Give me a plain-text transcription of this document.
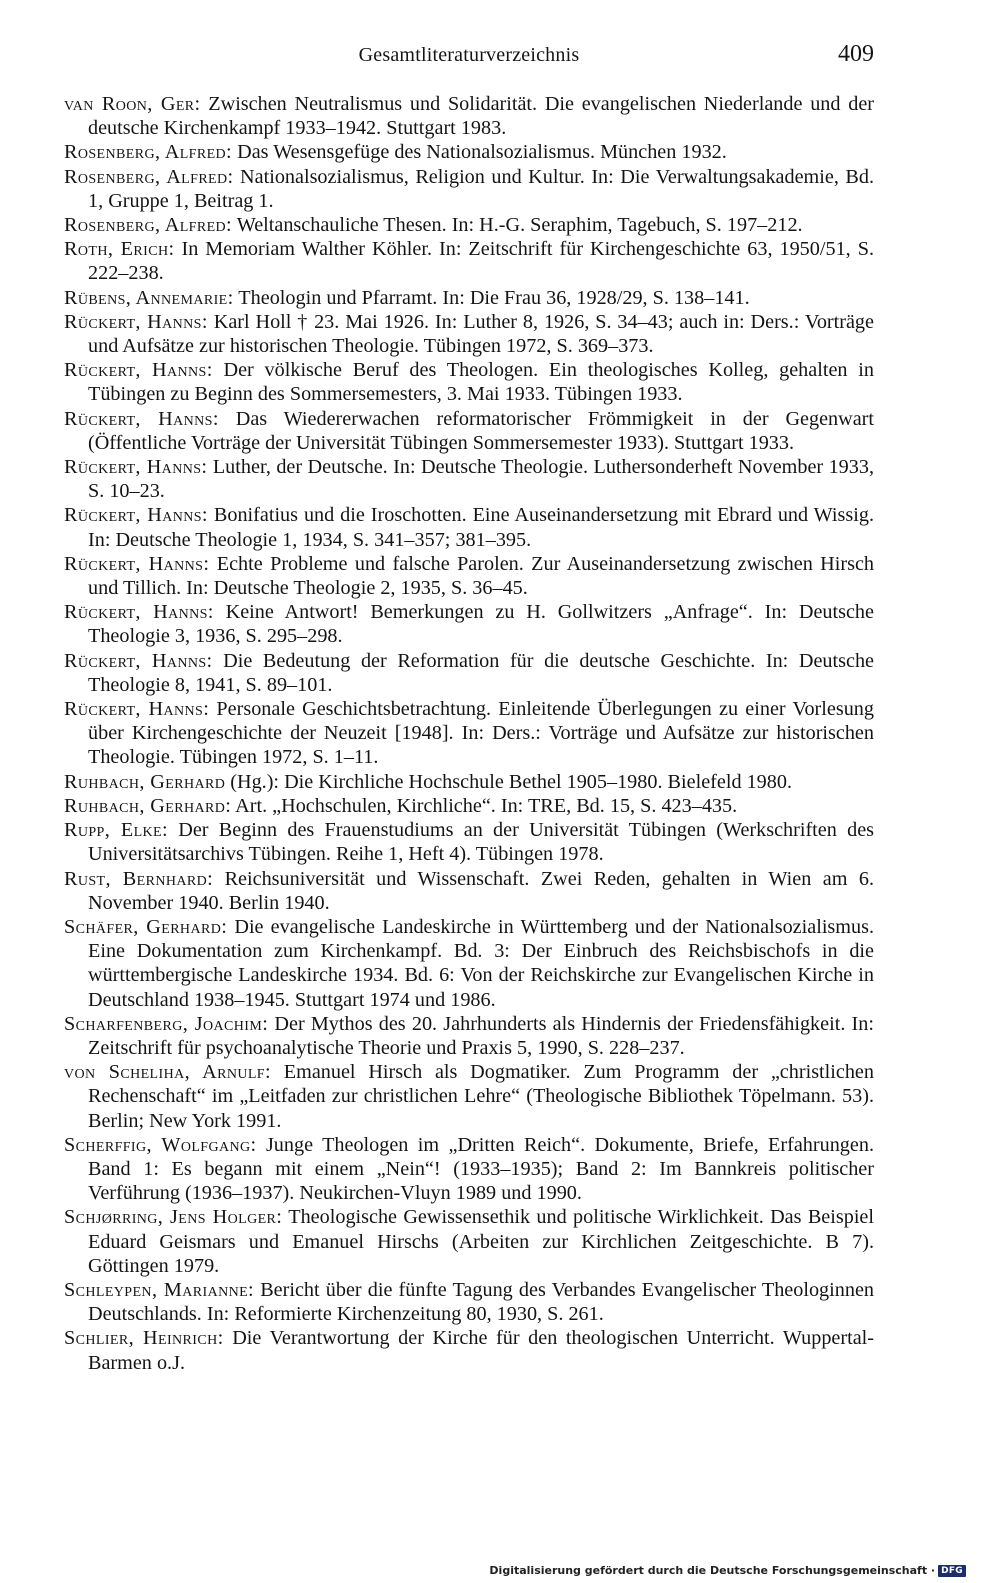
Gesamtliteraturverzeichnis	409
van Roon, Ger: Zwischen Neutralismus und Solidarität. Die evangelischen Niederlande und der deutsche Kirchenkampf 1933–1942. Stuttgart 1983.
Rosenberg, Alfred: Das Wesensgefüge des Nationalsozialismus. München 1932.
Rosenberg, Alfred: Nationalsozialismus, Religion und Kultur. In: Die Verwaltungsakademie, Bd. 1, Gruppe 1, Beitrag 1.
Rosenberg, Alfred: Weltanschauliche Thesen. In: H.-G. Seraphim, Tagebuch, S. 197–212.
Roth, Erich: In Memoriam Walther Köhler. In: Zeitschrift für Kirchengeschichte 63, 1950/51, S. 222–238.
Rübens, Annemarie: Theologin und Pfarramt. In: Die Frau 36, 1928/29, S. 138–141.
Rückert, Hanns: Karl Holl † 23. Mai 1926. In: Luther 8, 1926, S. 34–43; auch in: Ders.: Vorträge und Aufsätze zur historischen Theologie. Tübingen 1972, S. 369–373.
Rückert, Hanns: Der völkische Beruf des Theologen. Ein theologisches Kolleg, gehalten in Tübingen zu Beginn des Sommersemesters, 3. Mai 1933. Tübingen 1933.
Rückert, Hanns: Das Wiedererwachen reformatorischer Frömmigkeit in der Gegenwart (Öffentliche Vorträge der Universität Tübingen Sommersemester 1933). Stuttgart 1933.
Rückert, Hanns: Luther, der Deutsche. In: Deutsche Theologie. Luthersonderheft November 1933, S. 10–23.
Rückert, Hanns: Bonifatius und die Iroschotten. Eine Auseinandersetzung mit Ebrard und Wissig. In: Deutsche Theologie 1, 1934, S. 341–357; 381–395.
Rückert, Hanns: Echte Probleme und falsche Parolen. Zur Auseinandersetzung zwischen Hirsch und Tillich. In: Deutsche Theologie 2, 1935, S. 36–45.
Rückert, Hanns: Keine Antwort! Bemerkungen zu H. Gollwitzers „Anfrage“. In: Deutsche Theologie 3, 1936, S. 295–298.
Rückert, Hanns: Die Bedeutung der Reformation für die deutsche Geschichte. In: Deutsche Theologie 8, 1941, S. 89–101.
Rückert, Hanns: Personale Geschichtsbetrachtung. Einleitende Überlegungen zu einer Vorlesung über Kirchengeschichte der Neuzeit [1948]. In: Ders.: Vorträge und Aufsätze zur historischen Theologie. Tübingen 1972, S. 1–11.
Ruhbach, Gerhard (Hg.): Die Kirchliche Hochschule Bethel 1905–1980. Bielefeld 1980.
Ruhbach, Gerhard: Art. „Hochschulen, Kirchliche“. In: TRE, Bd. 15, S. 423–435.
Rupp, Elke: Der Beginn des Frauenstudiums an der Universität Tübingen (Werkschriften des Universitätsarchivs Tübingen. Reihe 1, Heft 4). Tübingen 1978.
Rust, Bernhard: Reichsuniversität und Wissenschaft. Zwei Reden, gehalten in Wien am 6. November 1940. Berlin 1940.
Schäfer, Gerhard: Die evangelische Landeskirche in Württemberg und der Nationalsozialismus. Eine Dokumentation zum Kirchenkampf. Bd. 3: Der Einbruch des Reichsbischofs in die württembergische Landeskirche 1934. Bd. 6: Von der Reichskirche zur Evangelischen Kirche in Deutschland 1938–1945. Stuttgart 1974 und 1986.
Scharfenberg, Joachim: Der Mythos des 20. Jahrhunderts als Hindernis der Friedensfähigkeit. In: Zeitschrift für psychoanalytische Theorie und Praxis 5, 1990, S. 228–237.
von Scheliha, Arnulf: Emanuel Hirsch als Dogmatiker. Zum Programm der „christlichen Rechenschaft“ im „Leitfaden zur christlichen Lehre“ (Theologische Bibliothek Töpelmann. 53). Berlin; New York 1991.
Scherffig, Wolfgang: Junge Theologen im „Dritten Reich“. Dokumente, Briefe, Erfahrungen. Band 1: Es begann mit einem „Nein“! (1933–1935); Band 2: Im Bannkreis politischer Verführung (1936–1937). Neukirchen-Vluyn 1989 und 1990.
Schjørring, Jens Holger: Theologische Gewissensethik und politische Wirklichkeit. Das Beispiel Eduard Geismars und Emanuel Hirschs (Arbeiten zur Kirchlichen Zeitgeschichte. B 7). Göttingen 1979.
Schleypen, Marianne: Bericht über die fünfte Tagung des Verbandes Evangelischer Theologinnen Deutschlands. In: Reformierte Kirchenzeitung 80, 1930, S. 261.
Schlier, Heinrich: Die Verantwortung der Kirche für den theologischen Unterricht. Wuppertal-Barmen o.J.
Digitalisierung gefördert durch die Deutsche Forschungsgemeinschaft · DFG
